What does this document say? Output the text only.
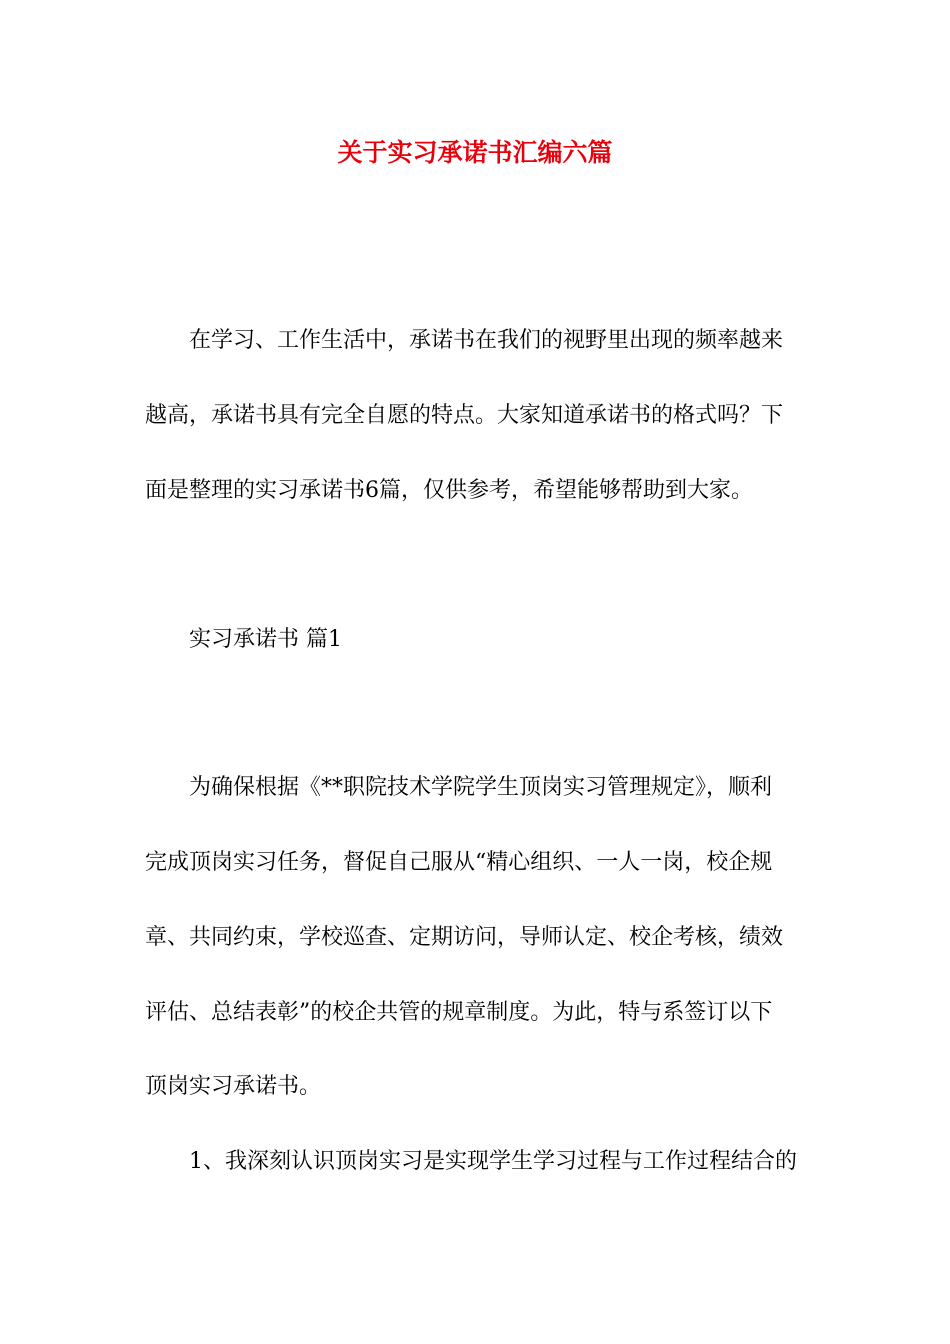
关于实习承诺书汇编六篇
在学习、工作生活中，承诺书在我们的视野里出现的频率越来
越高，承诺书具有完全自愿的特点。大家知道承诺书的格式吗？下
面是整理的实习承诺书6篇，仅供参考，希望能够帮助到大家。
实习承诺书 篇1
为确保根据《**职院技术学院学生顶岗实习管理规定》，顺利
完成顶岗实习任务，督促自己服从“精心组织、一人一岗，校企规
章、共同约束，学校巡查、定期访问，导师认定、校企考核，绩效
评估、总结表彰”的校企共管的规章制度。为此，特与系签订以下
顶岗实习承诺书。
1、我深刻认识顶岗实习是实现学生学习过程与工作过程结合的
